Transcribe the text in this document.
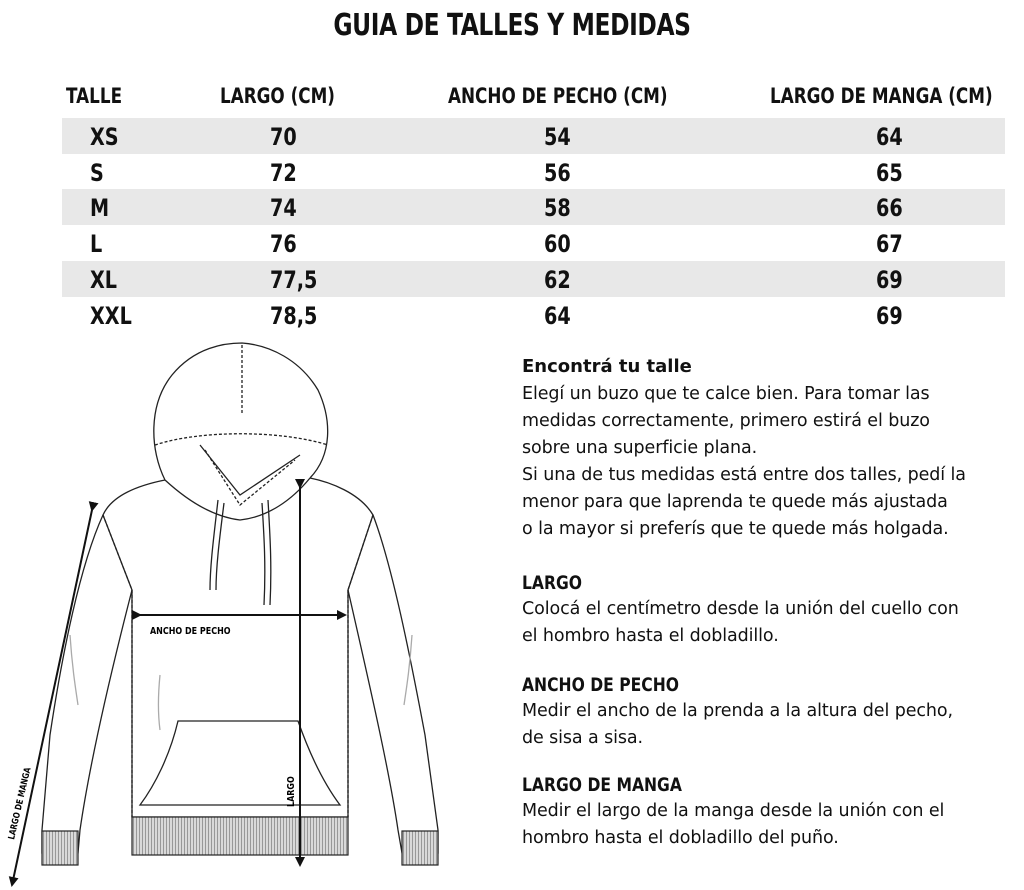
GUIA DE TALLES Y MEDIDAS
TALLE	LARGO (CM)	ANCHO DE PECHO (CM)	LARGO DE MANGA (CM)
XS	70	54	64
S	72	56	65
M	74	58	66
L	76	60	67
XL	77,5	62	69
XXL	78,5	64	69
ANCHO DE PECHO
LARGO
LARGO DE MANGA
Encontrá tu talle

Elegí un buzo que te calce bien. Para tomar las
medidas correctamente, primero estirá el buzo
sobre una superficie plana.
Si una de tus medidas está entre dos talles, pedí la
menor para que laprenda te quede más ajustada
o la mayor si preferís que te quede más holgada.

LARGO

Colocá el centímetro desde la unión del cuello con
el hombro hasta el dobladillo.

ANCHO DE PECHO

Medir el ancho de la prenda a la altura del pecho,
de sisa a sisa.

LARGO DE MANGA

Medir el largo de la manga desde la unión con el
hombro hasta el dobladillo del puño.
